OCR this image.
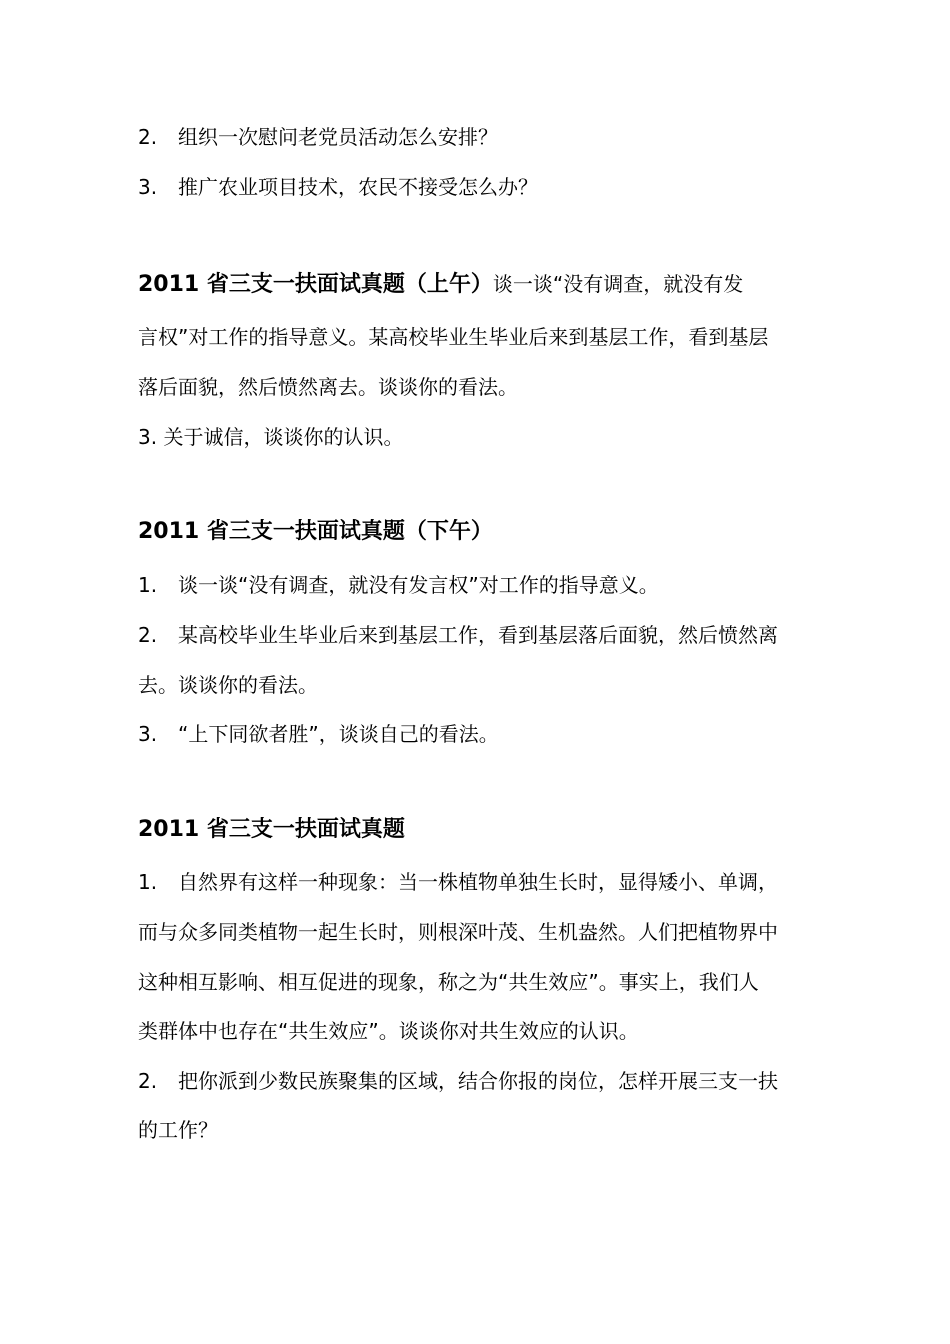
2. 组织一次慰问老党员活动怎么安排？
3. 推广农业项目技术，农民不接受怎么办？
2011 省三支一扶面试真题（上午）谈一谈“没有调查，就没有发
言权”对工作的指导意义。某高校毕业生毕业后来到基层工作，看到基层
落后面貌，然后愤然离去。谈谈你的看法。
3. 关于诚信，谈谈你的认识。
2011 省三支一扶面试真题（下午）
1. 谈一谈“没有调查，就没有发言权”对工作的指导意义。
2. 某高校毕业生毕业后来到基层工作，看到基层落后面貌，然后愤然离
去。谈谈你的看法。
3. “上下同欲者胜”，谈谈自己的看法。
2011 省三支一扶面试真题
1. 自然界有这样一种现象：当一株植物单独生长时，显得矮小、单调，
而与众多同类植物一起生长时，则根深叶茂、生机盎然。人们把植物界中
这种相互影响、相互促进的现象，称之为“共生效应”。事实上，我们人
类群体中也存在“共生效应”。谈谈你对共生效应的认识。
2. 把你派到少数民族聚集的区域，结合你报的岗位，怎样开展三支一扶
的工作？
